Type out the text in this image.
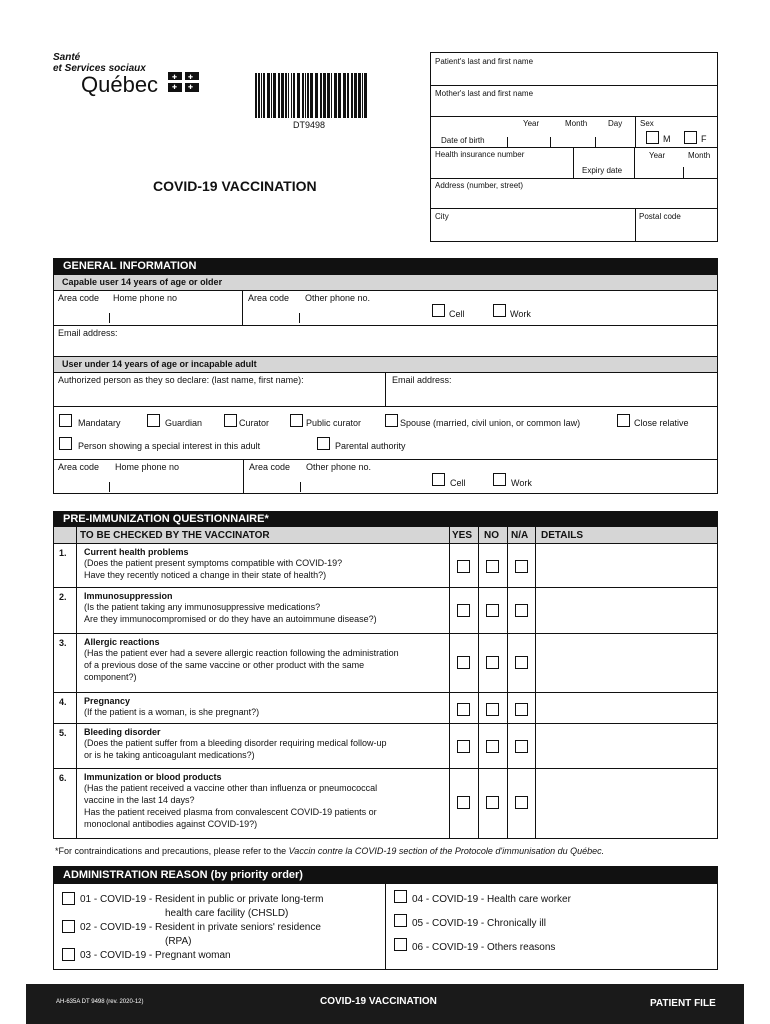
Santé
et Services sociaux
Québec ✚ ✚
✚ ✚
DT9498
COVID-19 VACCINATION
Patient's last and first name
Mother's last and first name
Year	Month	Day Sex
Date of birth	M	F
Health insurance number	Year	Month
Expiry date
Address (number, street)
City	Postal code
GENERAL INFORMATION
Capable user 14 years of age or older
Area code Home phone no	Area code Other phone no.
Cell	Work
Email address:
User under 14 years of age or incapable adult
Authorized person as they so declare: (last name, first name):	Email address:
Mandatary	Guardian	Curator	Public curator	Spouse (married, civil union, or common law)	Close relative
Person showing a special interest in this adult	Parental authority
Area code Home phone no	Area code Other phone no.
Cell	Work
PRE-IMMUNIZATION QUESTIONNAIRE*
TO BE CHECKED BY THE VACCINATOR	YES NO N/A DETAILS
1. Current health problems
(Does the patient present symptoms compatible with COVID-19?
Have they recently noticed a change in their state of health?)
2. Immunosuppression
(Is the patient taking any immunosuppressive medications?
Are they immunocompromised or do they have an autoimmune disease?)
3. Allergic reactions
(Has the patient ever had a severe allergic reaction following the administration
of a previous dose of the same vaccine or other product with the same
component?)
4. Pregnancy
(If the patient is a woman, is she pregnant?)
5. Bleeding disorder
(Does the patient suffer from a bleeding disorder requiring medical follow-up
or is he taking anticoagulant medications?)
6. Immunization or blood products
(Has the patient received a vaccine other than influenza or pneumococcal
vaccine in the last 14 days?
Has the patient received plasma from convalescent COVID-19 patients or
monoclonal antibodies against COVID-19?)
*For contraindications and precautions, please refer to the Vaccin contre la COVID-19 section of the Protocole d'immunisation du Québec.
ADMINISTRATION REASON (by priority order)
01 - COVID-19 - Resident in public or private long-term
health care facility (CHSLD)
02 - COVID-19 - Resident in private seniors' residence
(RPA)
03 - COVID-19 - Pregnant woman
04 - COVID-19 - Health care worker
05 - COVID-19 - Chronically ill
06 - COVID-19 - Others reasons
AH-635A DT 9498 (rev. 2020-12)	COVID-19 VACCINATION	PATIENT FILE
